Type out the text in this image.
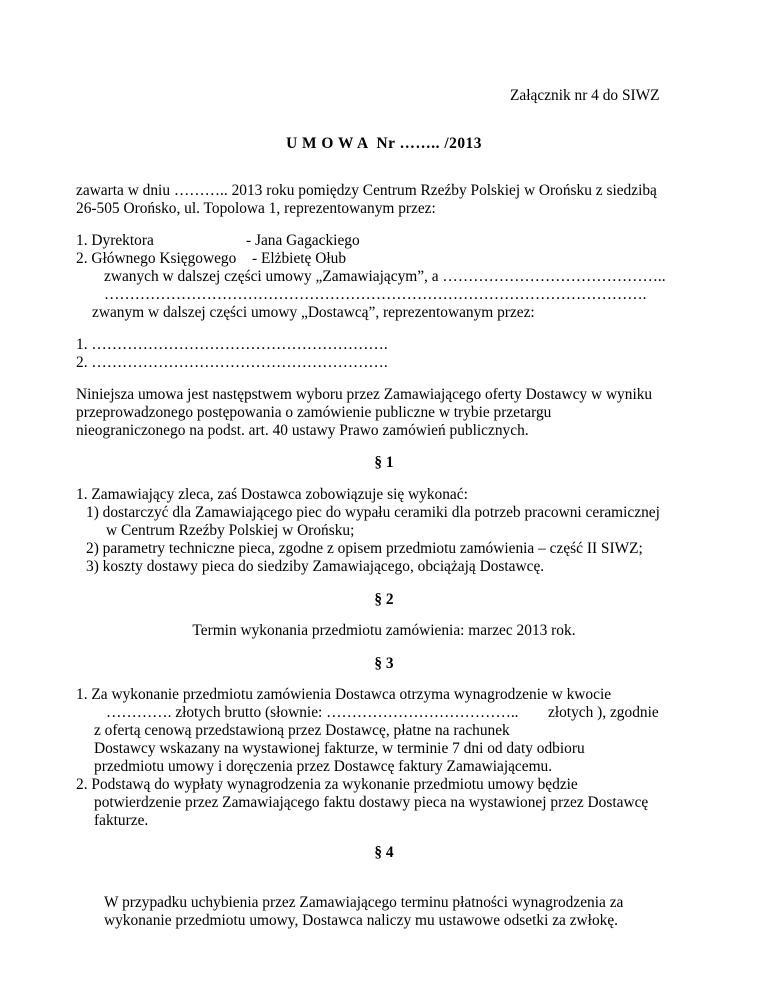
Załącznik nr 4 do SIWZ
U M O W A  Nr …….. /2013
zawarta w dniu ……….. 2013 roku pomiędzy Centrum Rzeźby Polskiej w Orońsku z siedzibą
26-505 Orońsko, ul. Topolowa 1, reprezentowanym przez:
1. Dyrektora	- Jana Gagackiego
2. Głównego Księgowego - Elżbietę Ołub
zwanych w dalszej części umowy „Zamawiającym”, a ……………………………………..
…………………………………………………………………………………………….
zwanym w dalszej części umowy „Dostawcą”, reprezentowanym przez:
1. ………………………………………………….
2. ………………………………………………….
Niniejsza umowa jest następstwem wyboru przez Zamawiającego oferty Dostawcy w wyniku
przeprowadzonego postępowania o zamówienie publiczne w trybie przetargu
nieograniczonego na podst. art. 40 ustawy Prawo zamówień publicznych.
§ 1
1. Zamawiający zleca, zaś Dostawca zobowiązuje się wykonać:
1) dostarczyć dla Zamawiającego piec do wypału ceramiki dla potrzeb pracowni ceramicznej
w Centrum Rzeźby Polskiej w Orońsku;
2) parametry techniczne pieca, zgodne z opisem przedmiotu zamówienia – część II SIWZ;
3) koszty dostawy pieca do siedziby Zamawiającego, obciążają Dostawcę.
§ 2
Termin wykonania przedmiotu zamówienia: marzec 2013 rok.
§ 3
1. Za wykonanie przedmiotu zamówienia Dostawca otrzyma wynagrodzenie w kwocie
…………. złotych brutto (słownie: ……………………………….. złotych ), zgodnie
z ofertą cenową przedstawioną przez Dostawcę, płatne na rachunek
Dostawcy wskazany na wystawionej fakturze, w terminie 7 dni od daty odbioru
przedmiotu umowy i doręczenia przez Dostawcę faktury Zamawiającemu.
2. Podstawą do wypłaty wynagrodzenia za wykonanie przedmiotu umowy będzie
potwierdzenie przez Zamawiającego faktu dostawy pieca na wystawionej przez Dostawcę
fakturze.
§ 4
W przypadku uchybienia przez Zamawiającego terminu płatności wynagrodzenia za
wykonanie przedmiotu umowy, Dostawca naliczy mu ustawowe odsetki za zwłokę.
